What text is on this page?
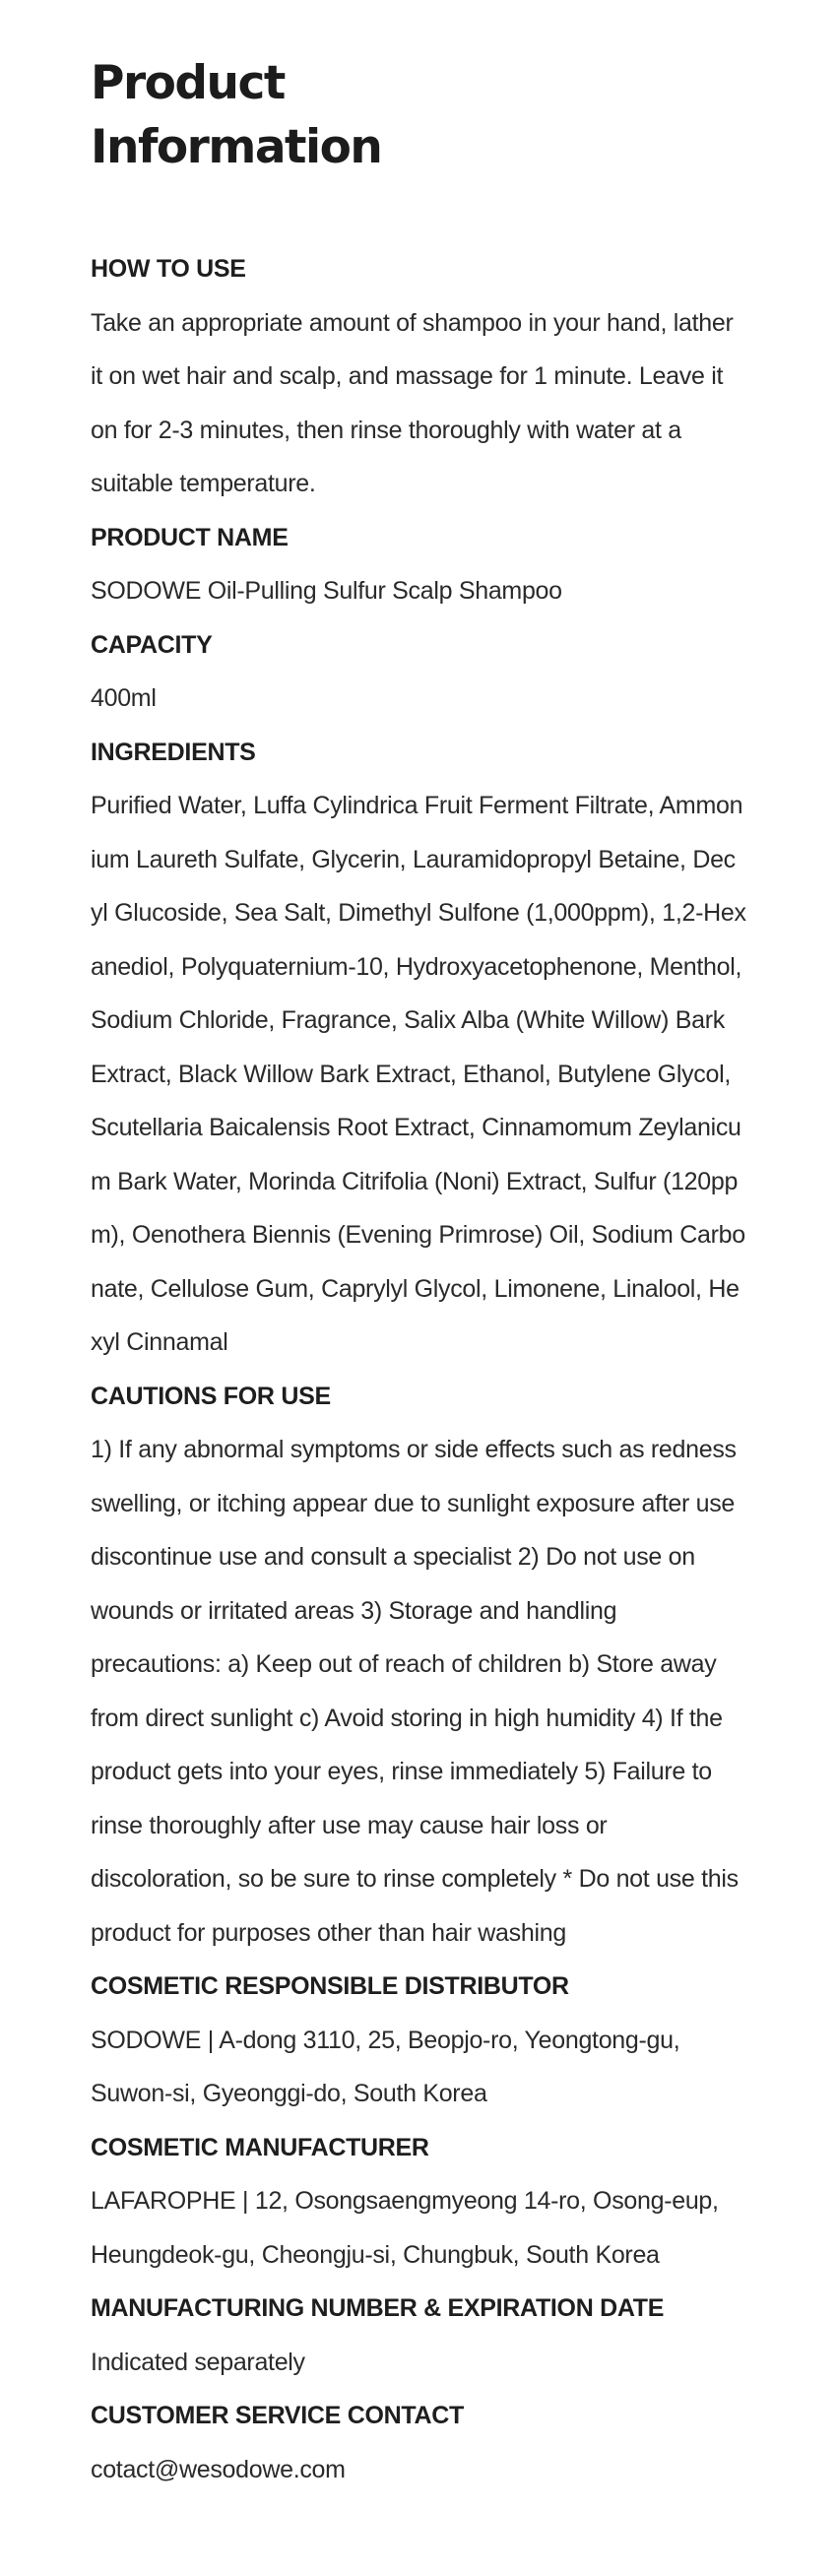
Product
Information
HOW TO USE

Take an appropriate amount of shampoo in your hand, lather it on wet hair and scalp, and massage for 1 minute. Leave it on for 2-3 minutes, then rinse thoroughly with water at a suitable temperature.

PRODUCT NAME

SODOWE Oil-Pulling Sulfur Scalp Shampoo

CAPACITY

400ml

INGREDIENTS

Purified Water, Luffa Cylindrica Fruit Ferment Filtrate, Ammonium Laureth Sulfate, Glycerin, Lauramidopropyl Betaine, Decyl Glucoside, Sea Salt, Dimethyl Sulfone (1,000ppm), 1,2-Hexanediol, Polyquaternium-10, Hydroxyacetophenone, Menthol, Sodium Chloride, Fragrance, Salix Alba (White Willow) Bark Extract, Black Willow Bark Extract, Ethanol, Butylene Glycol, Scutellaria Baicalensis Root Extract, Cinnamomum Zeylanicum Bark Water, Morinda Citrifolia (Noni) Extract, Sulfur (120ppm), Oenothera Biennis (Evening Primrose) Oil, Sodium Carbonate, Cellulose Gum, Caprylyl Glycol, Limonene, Linalool, Hexyl Cinnamal

CAUTIONS FOR USE

1) If any abnormal symptoms or side effects such as redness swelling, or itching appear due to sunlight exposure after use discontinue use and consult a specialist 2) Do not use on wounds or irritated areas 3) Storage and handling precautions: a) Keep out of reach of children b) Store away from direct sunlight c) Avoid storing in high humidity 4) If the product gets into your eyes, rinse immediately 5) Failure to rinse thoroughly after use may cause hair loss or discoloration, so be sure to rinse completely * Do not use this product for purposes other than hair washing

COSMETIC RESPONSIBLE DISTRIBUTOR

SODOWE | A-dong 3110, 25, Beopjo-ro, Yeongtong-gu, Suwon-si, Gyeonggi-do, South Korea

COSMETIC MANUFACTURER

LAFAROPHE | 12, Osongsaengmyeong 14-ro, Osong-eup, Heungdeok-gu, Cheongju-si, Chungbuk, South Korea

MANUFACTURING NUMBER & EXPIRATION DATE

Indicated separately

CUSTOMER SERVICE CONTACT

cotact@wesodowe.com
